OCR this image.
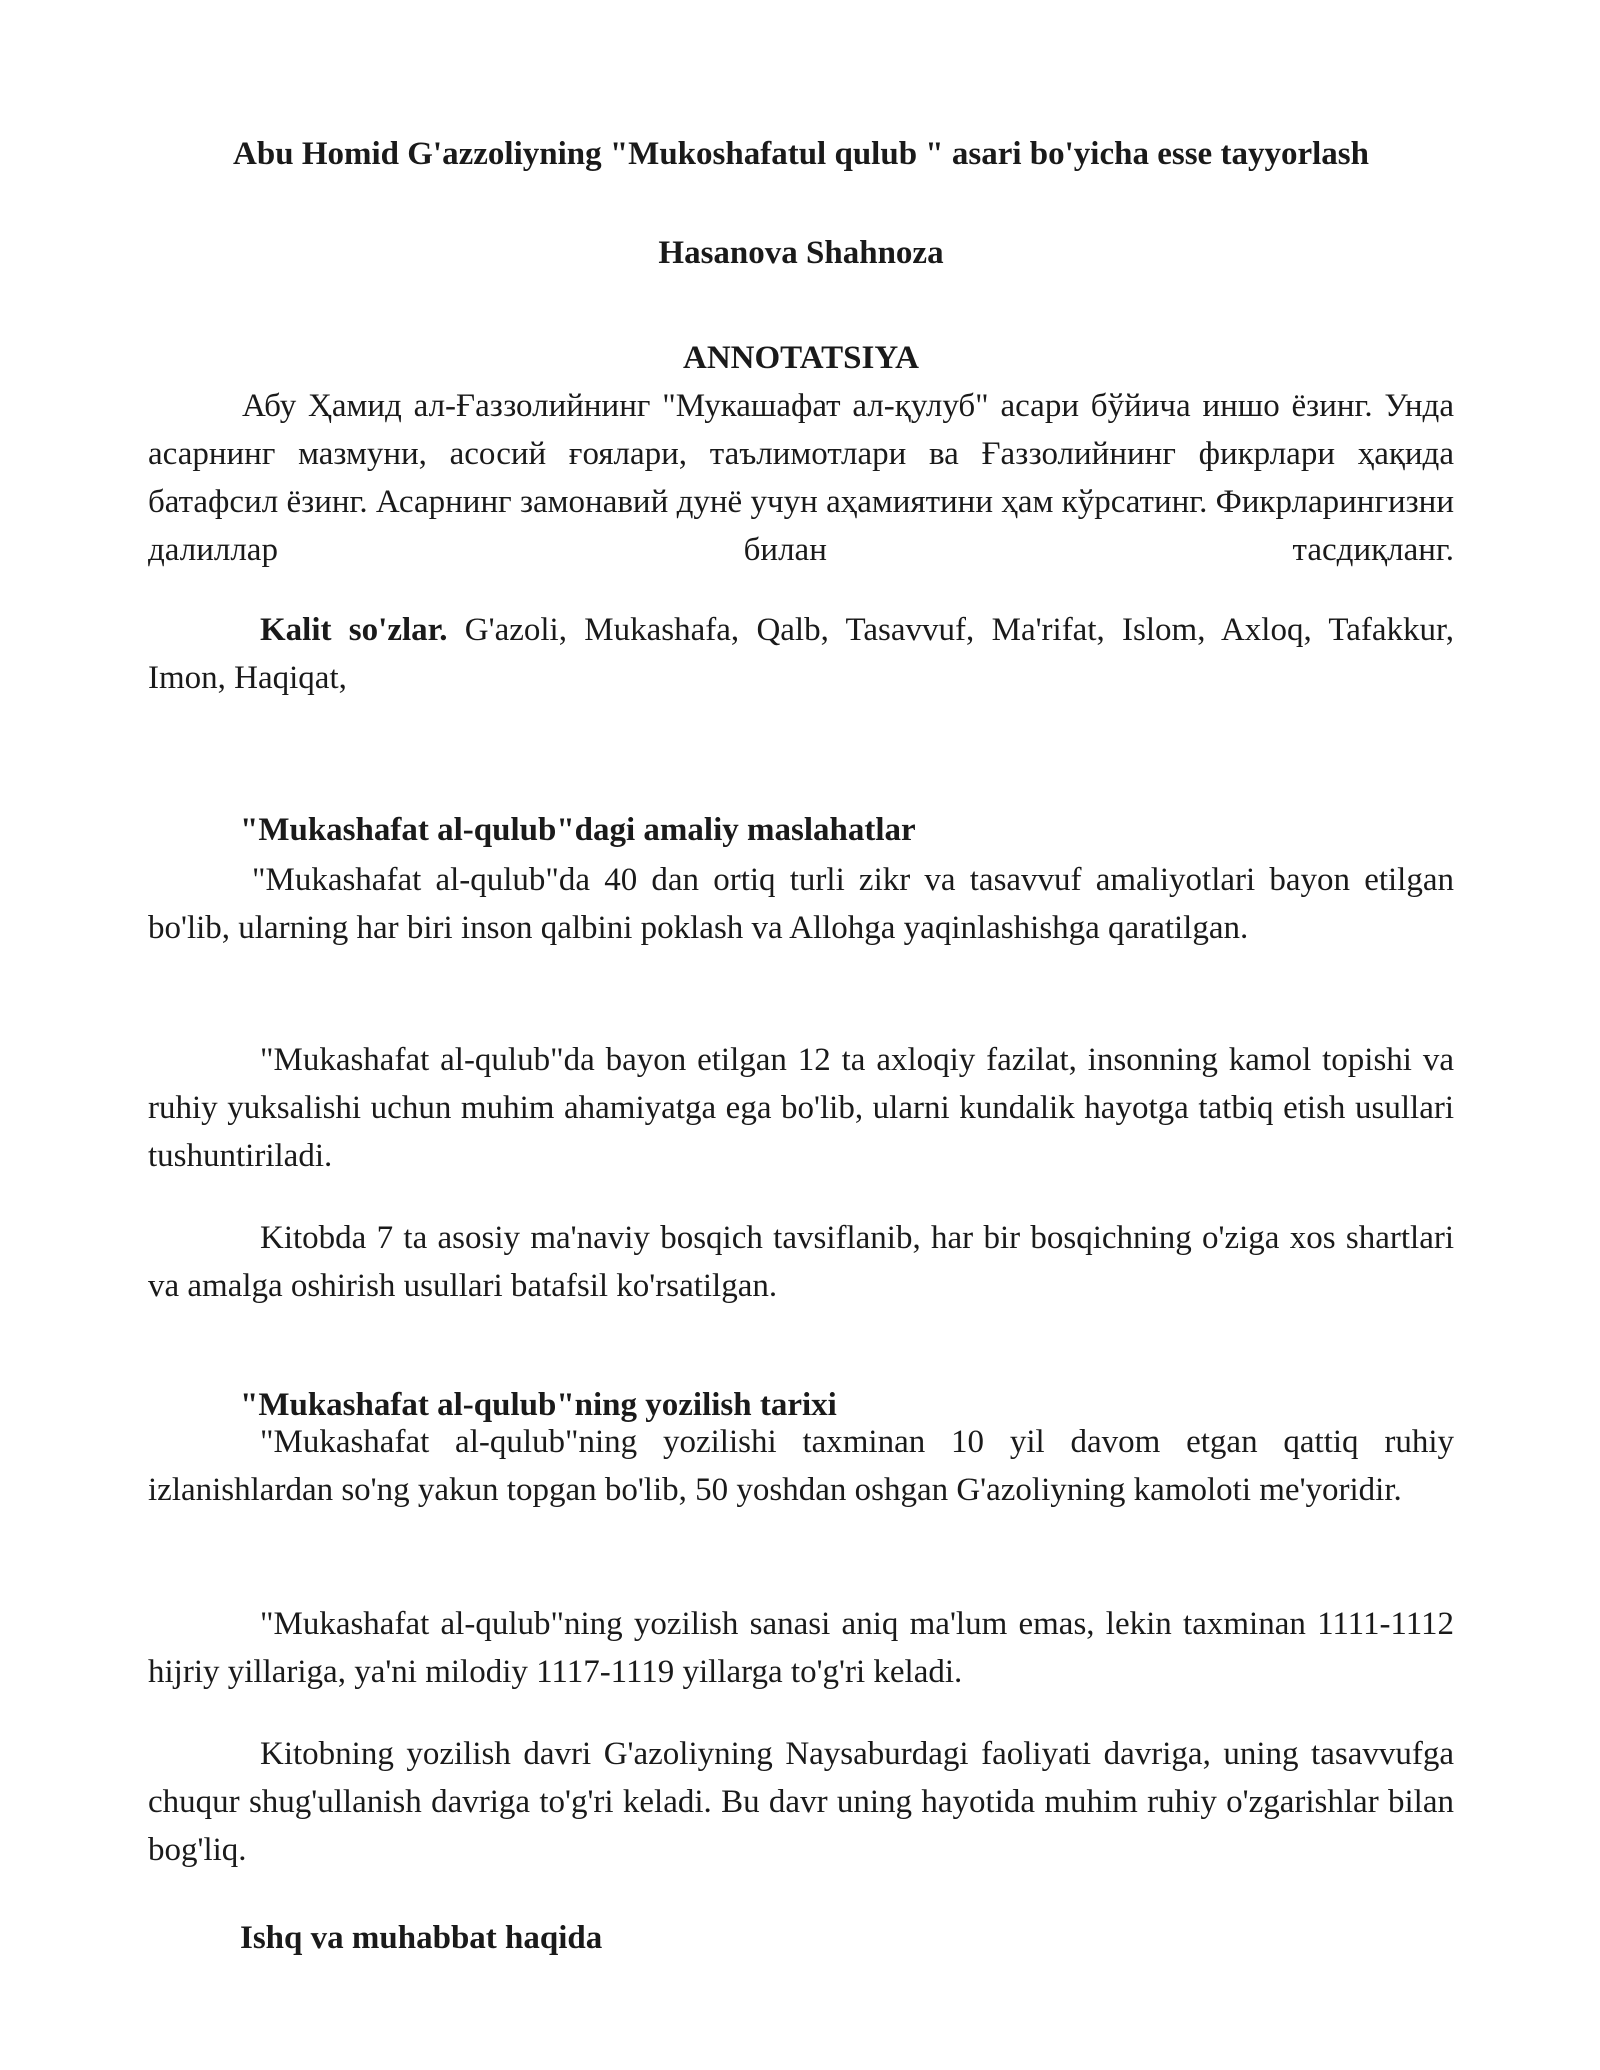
Abu Homid G'azzoliyning "Mukoshafatul qulub " asari bo'yicha esse tayyorlash

Hasanova Shahnoza

ANNOTATSIYA

Абу Ҳамид ал-Ғаззолийнинг "Мукашафат ал-қулуб" асари бўйича иншо ёзинг. Унда асарнинг мазмуни, асосий ғоялари, таълимотлари ва Ғаззолийнинг фикрлари ҳақида батафсил ёзинг. Асарнинг замонавий дунё учун аҳамиятини ҳам кўрсатинг. Фикрларингизни далиллар билан тасдиқланг.

Kalit so'zlar. G'azoli, Mukashafa, Qalb, Tasavvuf, Ma'rifat, Islom, Axloq, Tafakkur, Imon, Haqiqat,

"Mukashafat al-qulub"dagi amaliy maslahatlar

"Mukashafat al-qulub"da 40 dan ortiq turli zikr va tasavvuf amaliyotlari bayon etilgan bo'lib, ularning har biri inson qalbini poklash va Allohga yaqinlashishga qaratilgan.

"Mukashafat al-qulub"da bayon etilgan 12 ta axloqiy fazilat, insonning kamol topishi va ruhiy yuksalishi uchun muhim ahamiyatga ega bo'lib, ularni kundalik hayotga tatbiq etish usullari tushuntiriladi.

Kitobda 7 ta asosiy ma'naviy bosqich tavsiflanib, har bir bosqichning o'ziga xos shartlari va amalga oshirish usullari batafsil ko'rsatilgan.

"Mukashafat al-qulub"ning yozilish tarixi

"Mukashafat al-qulub"ning yozilishi taxminan 10 yil davom etgan qattiq ruhiy izlanishlardan so'ng yakun topgan bo'lib, 50 yoshdan oshgan G'azoliyning kamoloti me'yoridir.

"Mukashafat al-qulub"ning yozilish sanasi aniq ma'lum emas, lekin taxminan 1111-1112 hijriy yillariga, ya'ni milodiy 1117-1119 yillarga to'g'ri keladi.

Kitobning yozilish davri G'azoliyning Naysaburdagi faoliyati davriga, uning tasavvufga chuqur shug'ullanish davriga to'g'ri keladi. Bu davr uning hayotida muhim ruhiy o'zgarishlar bilan bog'liq.

Ishq va muhabbat haqida
